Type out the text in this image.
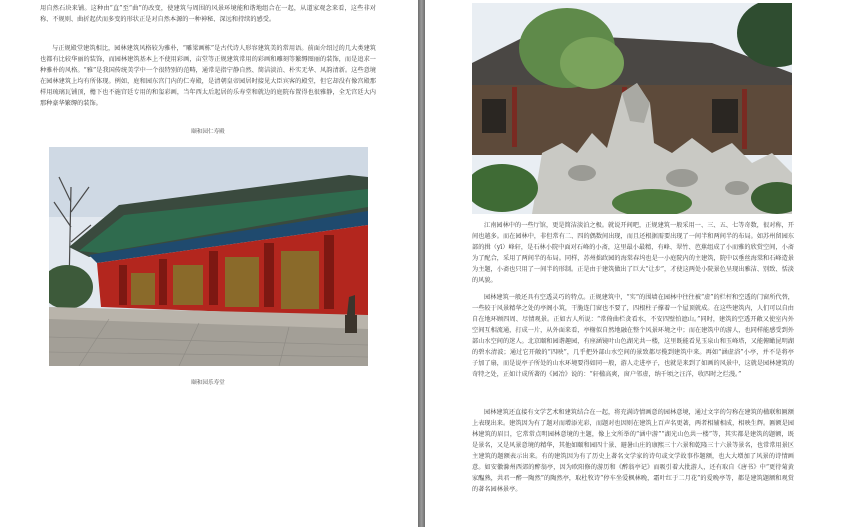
用自然石块来铺。这种由“直”至“曲”的改变，使建筑与周围的风景环境能和谐地组合在一起，从道家观念来看，这些非对称、不规则、曲折起伏而多变的形状正是对自然本源的一种神秘、深远和持续的感受。

与正规殿堂建筑相比，园林建筑风格较为雅朴，“雕梁画栋”是古代诗人形容建筑美的常用语。前面介绍过的几大类建筑也都有比较华丽的装饰，而园林建筑基本上不使用彩画，亩堂等正规建筑常用的彩画和雕刻等繁缛图丽的装饰，而是追求一种雅朴的风格。“雅”是我国传统美学中一个很特别的范畴，通常是指宁静自然、简洁淡泊、朴实无华、风韵清新。这些意境在园林建筑上均有所体现。例如，庭和园东宫门内的仁寿殿，是清朝皇帝园居时接见大臣宾客的殿堂，但它却没有像宫殿那样用琉璃瓦铺顶，檐下也不施宫廷专用的和玺彩画，当年西太后起居的乐寿堂和就边的庭院布置得也很雅静，全无宫廷大内那种豪华繁缛的装饰。

颐和园仁寿殿

颐和园乐寿堂

江南园林中的一些厅馆，更是简洁淡泊之极。就说开间吧，正规建筑一般采用一、三、五、七等奇数，很对称，开间也越多。而在园林中，非但常有二、四的偶数间出现，而且还根据需要出现了一间半和两间半的布局。如苏州留园东部的揖（yī）峰轩，是石林小院中面对石峰的小斋，这里最小最精，有峰、翠竹、芭蕉组成了小而雅的欣赏空间，小斋为了配合，采用了两间半的布局。同样，苏州拙政园的海棠春坞也是一小庭院内的主建筑，院中以垂丝海棠和石峰造景为主题，小斋也只用了一间半的形制。正是由于建筑做出了巨大“让步”，才使这两处小院景色呈现出雅洁、别致、恬淡的风貌。

园林建筑一般还具有空透灵巧的特点。正规建筑中，“实”的围墙在园林中往往被“虚”的栏杆和空透的门窗所代替，一些较于风景精华之处的亭阁小筑，干脆连门窗也不要了，四根柱子撑着一个屋顶就成。在这些建筑内，人们可以自由自在地环顾四周、尽情观景。正如古人所说：“常倚曲栏贪看水，不安四壁怕遮山。”同时，建筑的空透开敞又使室内外空间互相流通，打成一片，从外面来看，亭榭似自然地融在整个风景环境之中；而在建筑中的游人，也同样能感受到外部山水空间的迷人。北京颐和园谐趣园，有座涵镜叶山色湖光共一楼，这里既能看见玉泉山和玉峰塔，又能俯瞰昆明湖的碧水清波；通过它开敞的“四映”，几乎把外部山水空间的景致都尽揽到建筑中来。再如“涵虚浴”小亭，并不是将亭子加了扇，而是说亭子所处的山水环境要得如同一般，游人走进亭子，也就是来到了如画的风景中，这就是园林建筑的奇特之处，正如计成所著的《园冶》说的：“轩楹高爽，窗户邻虚，纳千顷之汪洋，收四时之烂漫。”

园林建筑还直接有文学艺术和建筑结合在一起，将充满诗情画意的园林意境，通过文字的匀称在建筑的楹联和匾额上表现出来。建筑因为有了题对而增添光彩，而题对也因则在建筑上百声名更著，两者相辅相成，相映生辉。匾额是园林建筑的眉目，它常常点明园林意境的主题，像上文所举的“涵中游”“湖光山色共一楼”等，其实都是建筑的题额，既是景名，又是风景意境的精华，其他如颐和园四十景、避暑山庄的康熙三十六景和乾隆三十六景等景名，也常常用景区主建筑的题额表示出来。有的建筑因为有了历史上著名文学家的诗句或文学故事作题额，也大大增加了风景的诗情画意。如安徽滁州西郊的醉翁亭，因为欧阳修的游历和《醉翁亭记》而吸引着大批游人，还有取自《唐书》中“更待菊黄家醖熟，共君一醉一陶然”的陶然亭，取杜牧诗“停车坐爱枫林晚，霜叶红于二月花”的爱晚亭等，都是建筑题额和观赏的著名园林景亭。
